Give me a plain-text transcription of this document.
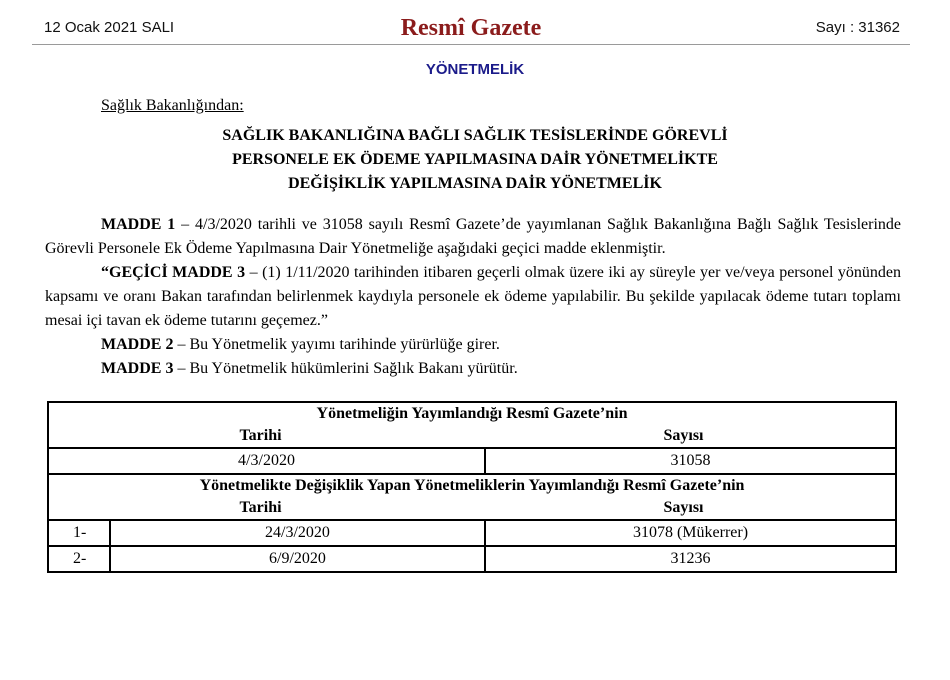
12 Ocak 2021 SALI	Resmî Gazete	Sayı : 31362
YÖNETMELİK
Sağlık Bakanlığından:
SAĞLIK BAKANLIĞINA BAĞLI SAĞLIK TESİSLERİNDE GÖREVLİ
PERSONELE EK ÖDEME YAPILMASINA DAİR YÖNETMELİKTE
DEĞİŞİKLİK YAPILMASINA DAİR YÖNETMELİK

MADDE 1 – 4/3/2020 tarihli ve 31058 sayılı Resmî Gazete’de yayımlanan Sağlık Bakanlığına Bağlı Sağlık Tesislerinde Görevli Personele Ek Ödeme Yapılmasına Dair Yönetmeliğe aşağıdaki geçici madde eklenmiştir.

“GEÇİCİ MADDE 3 – (1) 1/11/2020 tarihinden itibaren geçerli olmak üzere iki ay süreyle yer ve/veya personel yönünden kapsamı ve oranı Bakan tarafından belirlenmek kaydıyla personele ek ödeme yapılabilir. Bu şekilde yapılacak ödeme tutarı toplamı mesai içi tavan ek ödeme tutarını geçemez.”

MADDE 2 – Bu Yönetmelik yayımı tarihinde yürürlüğe girer.

MADDE 3 – Bu Yönetmelik hükümlerini Sağlık Bakanı yürütür.

Yönetmeliğin Yayımlandığı Resmî Gazete’nin
Tarihi Sayısı		

4/3/2020		31058

Yönetmelikte Değişiklik Yapan Yönetmeliklerin Yayımlandığı Resmî Gazete’nin
Tarihi Sayısı		

1-	24/3/2020	31078 (Mükerrer)
2-	6/9/2020	31236
